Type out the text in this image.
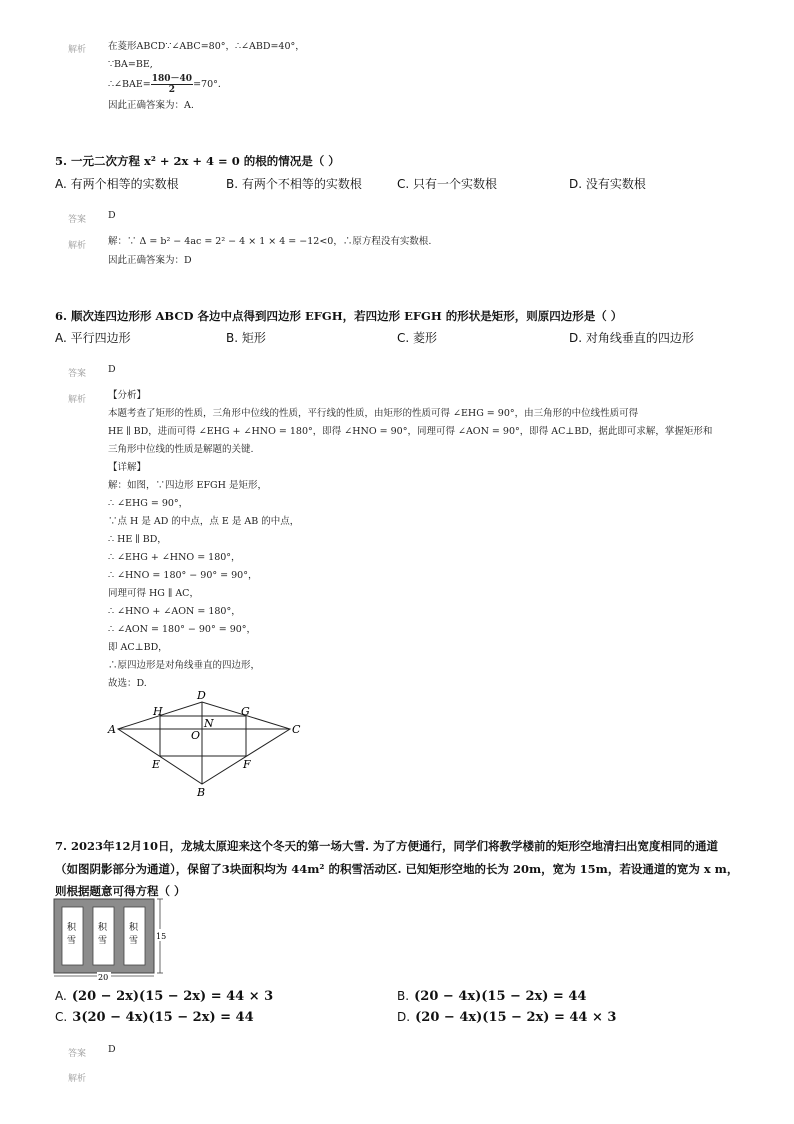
解析 在菱形ABCD∵∠ABC=80°，∴∠ABD=40°，
∵BA=BE,
∴∠BAE= $\frac{180-40}{2} =70^\circ$．
因此正确答案为：A.
5. 一元二次方程 x² + 2x + 4 = 0 的根的情况是（ ）
A. 有两个相等的实数根	B. 有两个不相等的实数根	C. 只有一个实数根	D. 没有实数根
答案 D
解析 解：∵ Δ = b² − 4ac = 2² − 4 × 1 × 4 = −12<0，∴原方程没有实数根.
因此正确答案为：D
6. 顺次连四边形形 ABCD 各边中点得到四边形 EFGH，若四边形 EFGH 的形状是矩形，则原四边形是（ ）
A. 平行四边形	B. 矩形	C. 菱形	D. 对角线垂直的四边形
答案 D
解析 【分析】
本题考查了矩形的性质，三角形中位线的性质，平行线的性质，由矩形的性质可得 ∠EHG = 90°，由三角形的中位线性质可得
HE ∥ BD，进而可得 ∠EHG + ∠HNO = 180°，即得 ∠HNO = 90°，同理可得 ∠AON = 90°，即得 AC⊥BD，据此即可求解，掌握矩形和
三角形中位线的性质是解题的关键.
【详解】
解：如图，∵四边形 EFGH 是矩形，
∴ ∠EHG = 90°，
∵点 H 是 AD 的中点，点 E 是 AB 的中点，
∴ HE ∥ BD，
∴ ∠EHG + ∠HNO = 180°，
∴ ∠HNO = 180° − 90° = 90°，
同理可得 HG ∥ AC，
∴ ∠HNO + ∠AON = 180°，
∴ ∠AON = 180° − 90° = 90°，
即 AC⊥BD，
∴原四边形是对角线垂直的四边形，
故选：D.
A
D
C
B
H	G
E	F
N
O
7. 2023年12月10日，龙城太原迎来这个冬天的第一场大雪. 为了方便通行，同学们将教学楼前的矩形空地清扫出宽度相同的通道
（如图阴影部分为通道），保留了3块面积均为 44m² 的积雪活动区. 已知矩形空地的长为 20m，宽为 15m，若设通道的宽为 x m，
则根据题意可得方程（ ）
积
雪
积
雪
积
雪 15
20
A. (20 − 2x)(15 − 2x) = 44 × 3	B. (20 − 4x)(15 − 2x) = 44
C. 3(20 − 4x)(15 − 2x) = 44	D. (20 − 4x)(15 − 2x) = 44 × 3
答案 D
解析
